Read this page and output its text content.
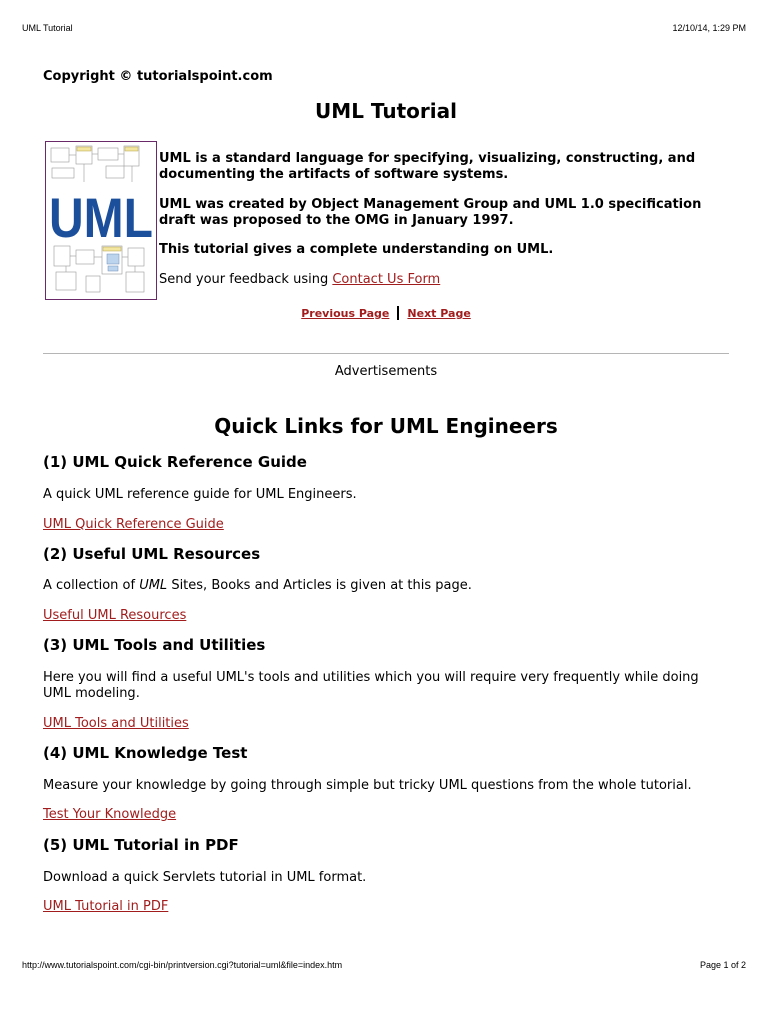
UML Tutorial	12/10/14, 1:29 PM
Copyright © tutorialspoint.com
UML Tutorial
UML

UML is a standard language for specifying, visualizing, constructing, and documenting the artifacts of software systems.

UML was created by Object Management Group and UML 1.0 specification draft was proposed to the OMG in January 1997.

This tutorial gives a complete understanding on UML.

Send your feedback using Contact Us Form

Previous Page Next Page
Advertisements
Quick Links for UML Engineers
(1) UML Quick Reference Guide

A quick UML reference guide for UML Engineers.

UML Quick Reference Guide
(2) Useful UML Resources

A collection of UML Sites, Books and Articles is given at this page.

Useful UML Resources
(3) UML Tools and Utilities

Here you will find a useful UML's tools and utilities which you will require very frequently while doing UML modeling.

UML Tools and Utilities
(4) UML Knowledge Test

Measure your knowledge by going through simple but tricky UML questions from the whole tutorial.

Test Your Knowledge
(5) UML Tutorial in PDF

Download a quick Servlets tutorial in UML format.

UML Tutorial in PDF
http://www.tutorialspoint.com/cgi-bin/printversion.cgi?tutorial=uml&file=index.htm	Page 1 of 2
